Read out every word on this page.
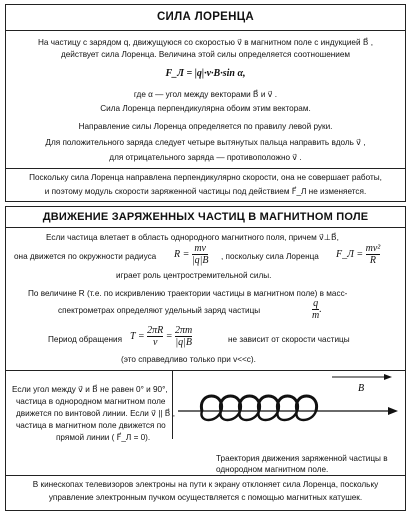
СИЛА ЛОРЕНЦА
На частицу с зарядом q, движущуюся со скоростью v⃗ в магнитном поле с индукцией B⃗ ,
действует сила Лоренца. Величина этой силы определяется соотношением
F_Л = |q|·v·B·sin α,
где α — угол между векторами B⃗ и v⃗ .
Сила Лоренца перпендикулярна обоим этим векторам.
Направление силы Лоренца определяется по правилу левой руки.
Для положительного заряда следует четыре вытянутых пальца направить вдоль v⃗ ,
для отрицательного заряда — противоположно v⃗ .
Поскольку сила Лоренца направлена перпендикулярно скорости, она не совершает работы,
и поэтому модуль скорости заряженной частицы под действием F⃗_Л не изменяется.
ДВИЖЕНИЕ ЗАРЯЖЕННЫХ ЧАСТИЦ В МАГНИТНОМ ПОЛЕ
Если частица влетает в область однородного магнитного поля, причем v⃗⊥B⃗,
она движется по окружности радиуса $R = \frac{mv}{|q|B}$ , поскольку сила Лоренца F_Л = $\frac{\text{mv²}}{R}$
играет роль центростремительной силы.
По величине R (т.е. по искривлению траектории частицы в магнитном поле) в масс-
спектрометрах определяют удельный заряд частицы	$\frac{q}{m}$ .
Период обращения $T = \frac{2\pi R}{v} = \frac{2\pi m}{|q|B}$	не зависит от скорости частицы
(это справедливо только при v<<c).
Если угол между v⃗ и B⃗ не равен 0° и 90°,
частица в однородном магнитном поле
движется по винтовой линии. Если v⃗ || B⃗ ,
частица в магнитном поле движется по
прямой линии ( F⃗_Л = 0).
B⃗
Траектория движения заряженной частицы в
однородном магнитном поле.
В кинескопах телевизоров электроны на пути к экрану отклоняет сила Лоренца, поскольку
управление электронным пучком осуществляется с помощью магнитных катушек.
